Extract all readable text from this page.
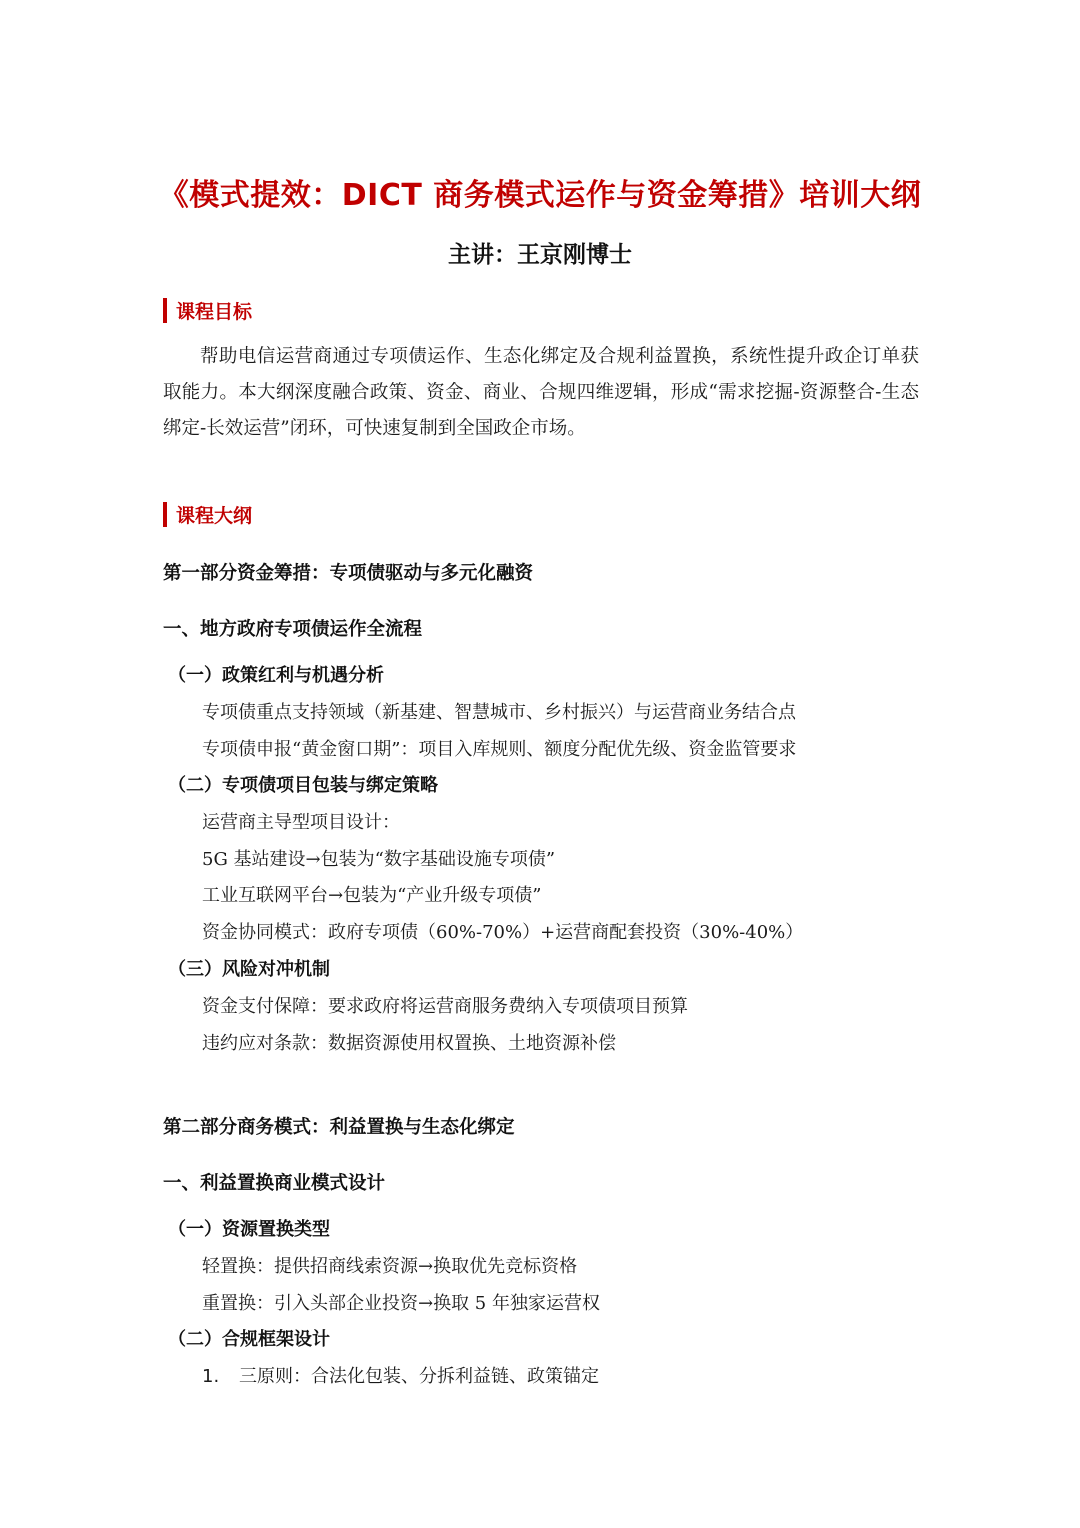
《模式提效：DICT 商务模式运作与资金筹措》培训大纲
主讲：王京刚博士
课程目标
帮助电信运营商通过专项债运作、生态化绑定及合规利益置换，系统性提升政企订单获取能力。本大纲深度融合政策、资金、商业、合规四维逻辑，形成“需求挖掘-资源整合-生态绑定-长效运营”闭环，可快速复制到全国政企市场。
课程大纲
第一部分资金筹措：专项债驱动与多元化融资
一、地方政府专项债运作全流程
（一）政策红利与机遇分析
专项债重点支持领域（新基建、智慧城市、乡村振兴）与运营商业务结合点
专项债申报“黄金窗口期”：项目入库规则、额度分配优先级、资金监管要求
（二）专项债项目包装与绑定策略
运营商主导型项目设计：
5G 基站建设→包装为“数字基础设施专项债”
工业互联网平台→包装为“产业升级专项债”
资金协同模式：政府专项债（60%-70%）+运营商配套投资（30%-40%）
（三）风险对冲机制
资金支付保障：要求政府将运营商服务费纳入专项债项目预算
违约应对条款：数据资源使用权置换、土地资源补偿
第二部分商务模式：利益置换与生态化绑定
一、利益置换商业模式设计
（一）资源置换类型
轻置换：提供招商线索资源→换取优先竞标资格
重置换：引入头部企业投资→换取 5 年独家运营权
（二）合规框架设计
1. 三原则：合法化包装、分拆利益链、政策锚定
